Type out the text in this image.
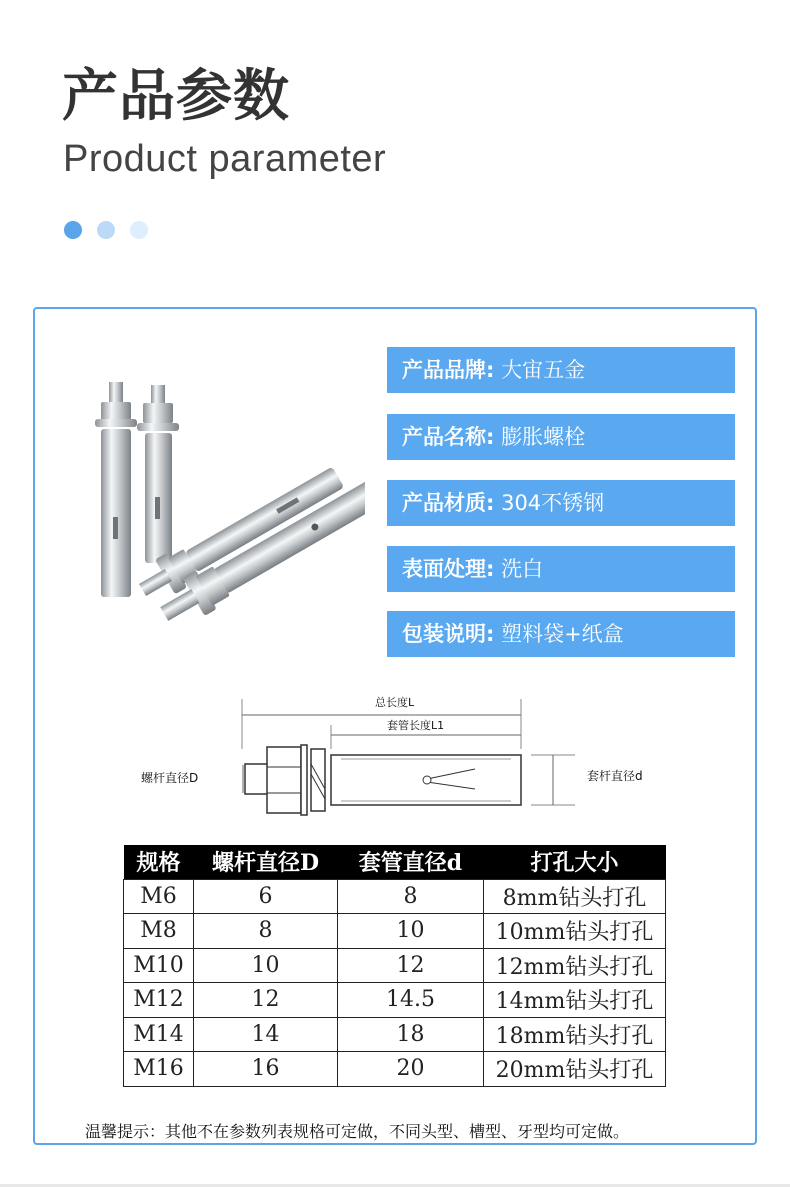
产品参数
Product parameter
产品品牌: 大宙五金
产品名称: 膨胀螺栓
产品材质: 304不锈钢
表面处理: 洗白
包装说明: 塑料袋+纸盒
总长度L
套管长度L1
螺杆直径D	套杆直径d
规格	螺杆直径D	套管直径d	打孔大小
M6	6	8	8mm钻头打孔
M8	8	10	10mm钻头打孔
M10	10	12	12mm钻头打孔
M12	12	14.5	14mm钻头打孔
M14	14	18	18mm钻头打孔
M16	16	20	20mm钻头打孔
温馨提示：其他不在参数列表规格可定做，不同头型、槽型、牙型均可定做。
